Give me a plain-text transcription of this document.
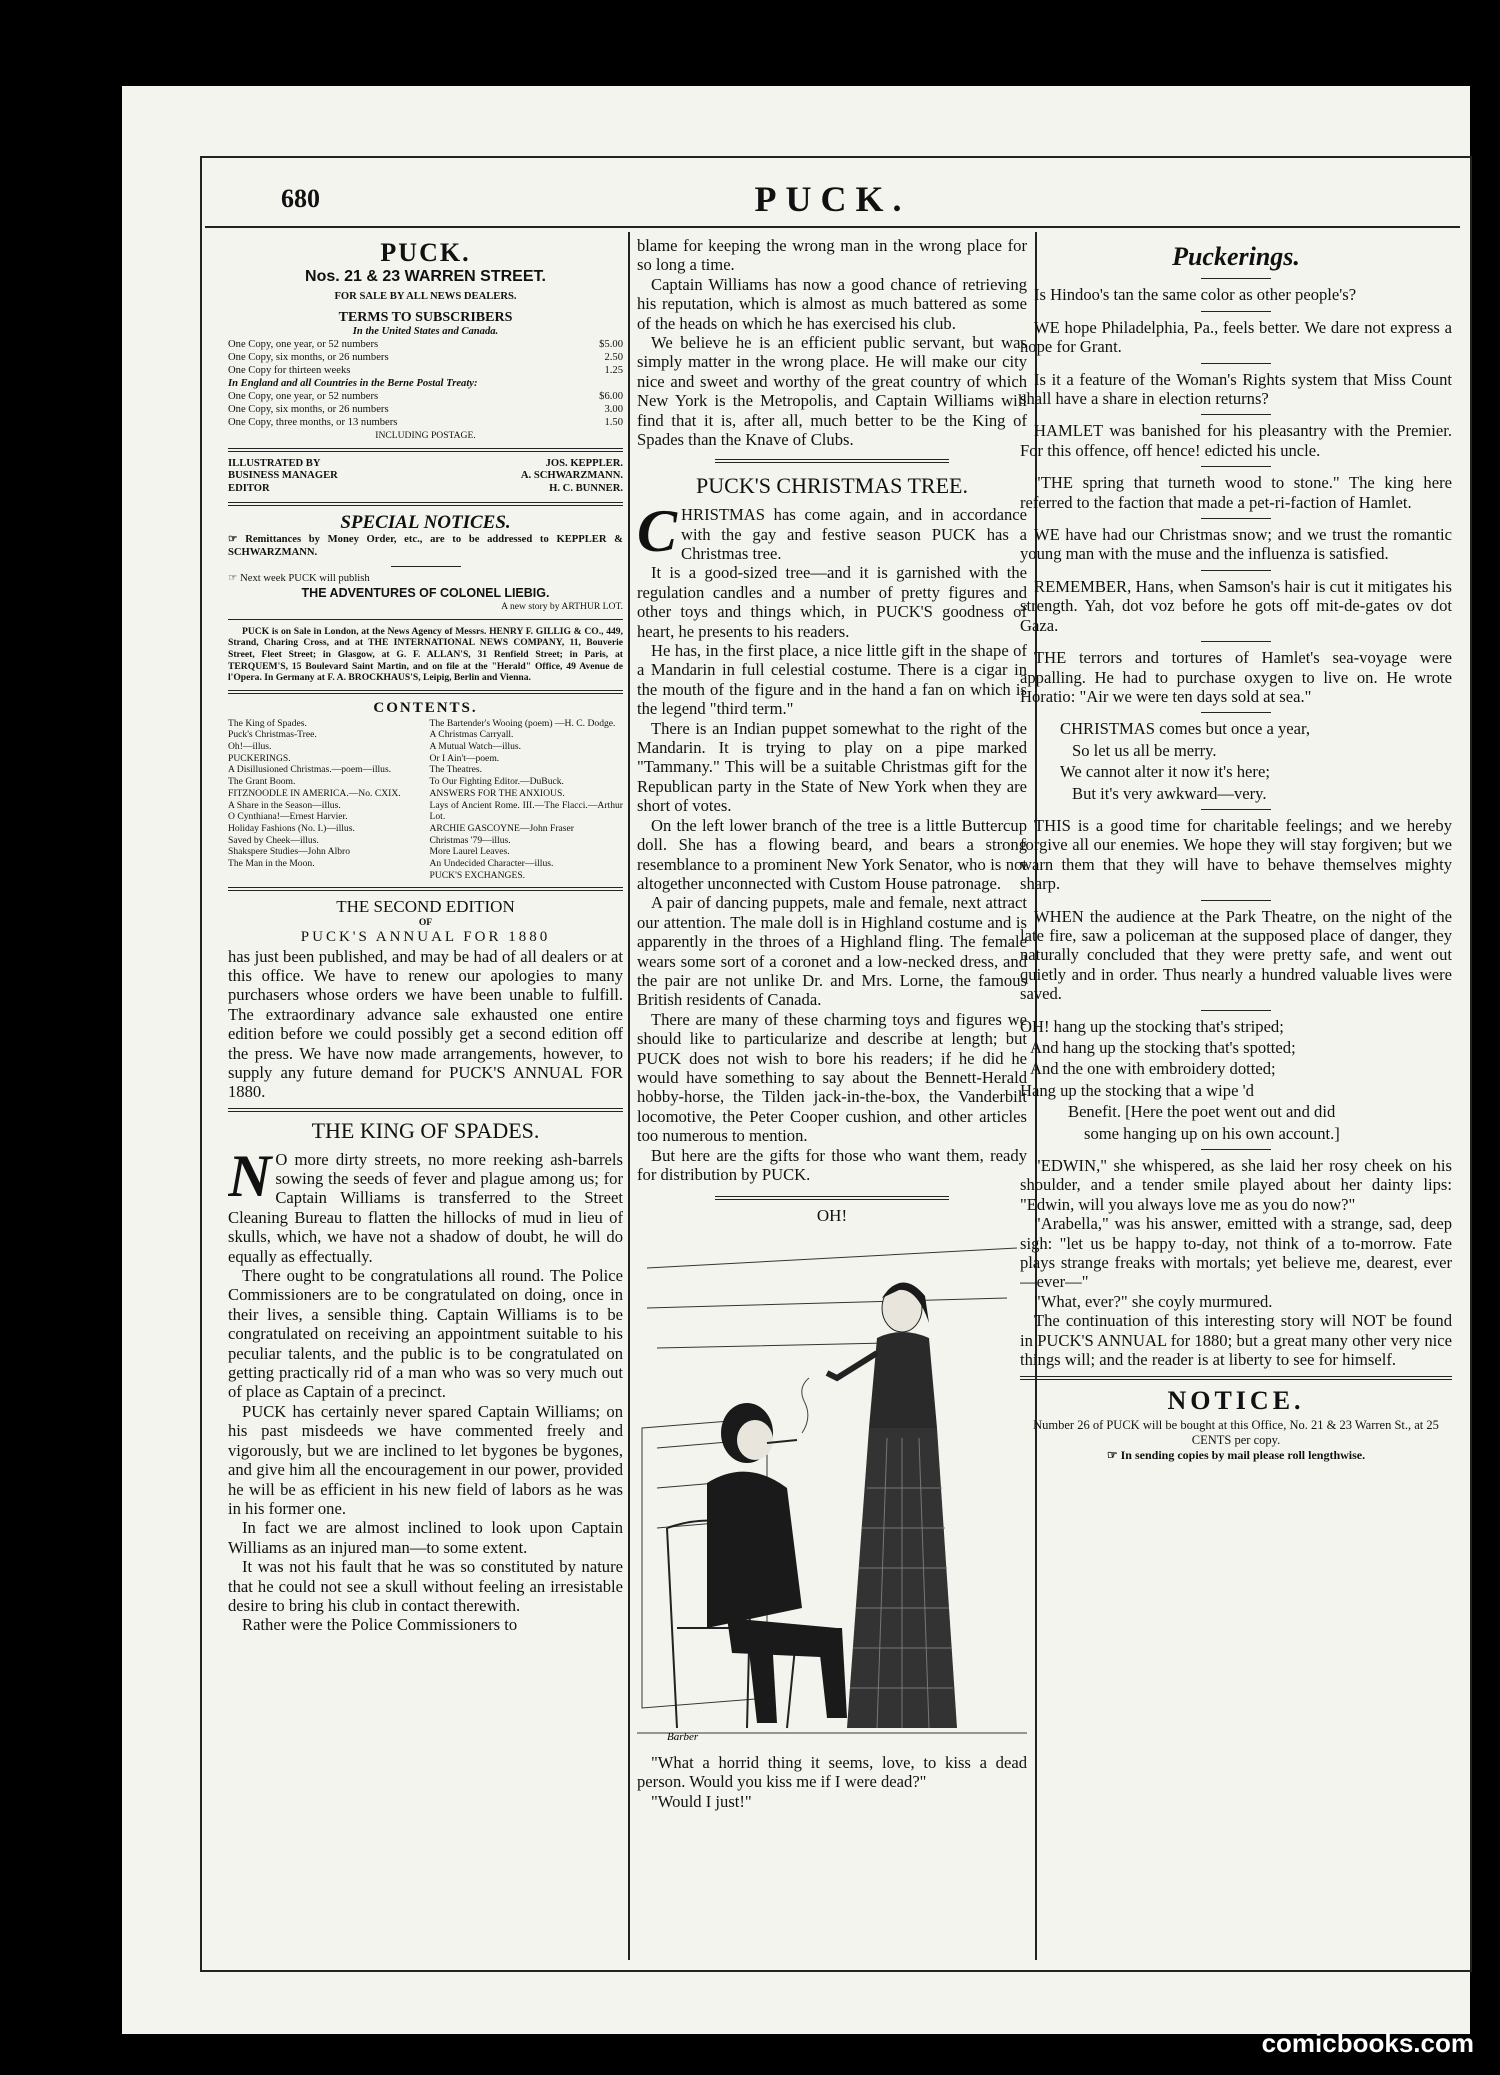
680	PUCK.
PUCK.
Nos. 21 & 23 WARREN STREET.
FOR SALE BY ALL NEWS DEALERS.
TERMS TO SUBSCRIBERS
In the United States and Canada.
One Copy, one year, or 52 numbers	$5.00
One Copy, six months, or 26 numbers	2.50
One Copy for thirteen weeks	1.25
In England and all Countries in the Berne Postal Treaty:
One Copy, one year, or 52 numbers	$6.00
One Copy, six months, or 26 numbers	3.00
One Copy, three months, or 13 numbers	1.50
INCLUDING POSTAGE.
ILLUSTRATED BY	JOS. KEPPLER.
BUSINESS MANAGER	A. SCHWARZMANN.
EDITOR	H. C. BUNNER.
SPECIAL NOTICES.

☞ Remittances by Money Order, etc., are to be addressed to KEPPLER & SCHWARZMANN.

☞ Next week PUCK will publish

THE ADVENTURES OF COLONEL LIEBIG.
A new story by ARTHUR LOT.

PUCK is on Sale in London, at the News Agency of Messrs. HENRY F. GILLIG & CO., 449, Strand, Charing Cross, and at THE INTERNATIONAL NEWS COMPANY, 11, Bouverie Street, Fleet Street; in Glasgow, at G. F. ALLAN'S, 31 Renfield Street; in Paris, at TERQUEM'S, 15 Boulevard Saint Martin, and on file at the "Herald" Office, 49 Avenue de l'Opera. In Germany at F. A. BROCKHAUS'S, Leipig, Berlin and Vienna.

CONTENTS.
The King of Spades.
Puck's Christmas-Tree.
Oh!—illus.
PUCKERINGS.
A Disillusioned Christmas.—poem—illus.
The Grant Boom.
FITZNOODLE IN AMERICA.—No. CXIX.
A Share in the Season—illus.
O Cynthiana!—Ernest Harvier.
Holiday Fashions (No. I.)—illus.
Saved by Cheek—illus.
Shakspere Studies—John Albro
The Man in the Moon.
The Bartender's Wooing (poem) —H. C. Dodge.
A Christmas Carryall.
A Mutual Watch—illus.
Or I Ain't—poem.
The Theatres.
To Our Fighting Editor.—DuBuck.
ANSWERS FOR THE ANXIOUS.
Lays of Ancient Rome. III.—The Flacci.—Arthur Lot.
ARCHIE GASCOYNE—John Fraser
Christmas '79—illus.
More Laurel Leaves.
An Undecided Character—illus.
PUCK'S EXCHANGES.
THE SECOND EDITION
OF
PUCK'S ANNUAL FOR 1880

has just been published, and may be had of all dealers or at this office. We have to renew our apologies to many purchasers whose orders we have been unable to fulfill. The extraordinary advance sale exhausted one entire edition before we could possibly get a second edition off the press. We have now made arrangements, however, to supply any future demand for PUCK'S ANNUAL FOR 1880.

THE KING OF SPADES.

N O more dirty streets, no more reeking ash-barrels sowing the seeds of fever and plague among us; for Captain Williams is transferred to the Street Cleaning Bureau to flatten the hillocks of mud in lieu of skulls, which, we have not a shadow of doubt, he will do equally as effectually.

There ought to be congratulations all round. The Police Commissioners are to be congratulated on doing, once in their lives, a sensible thing. Captain Williams is to be congratulated on receiving an appointment suitable to his peculiar talents, and the public is to be congratulated on getting practically rid of a man who was so very much out of place as Captain of a precinct.

PUCK has certainly never spared Captain Williams; on his past misdeeds we have commented freely and vigorously, but we are inclined to let bygones be bygones, and give him all the encouragement in our power, provided he will be as efficient in his new field of labors as he was in his former one.

In fact we are almost inclined to look upon Captain Williams as an injured man—to some extent.

It was not his fault that he was so constituted by nature that he could not see a skull without feeling an irresistable desire to bring his club in contact therewith.

Rather were the Police Commissioners to

blame for keeping the wrong man in the wrong place for so long a time.

Captain Williams has now a good chance of retrieving his reputation, which is almost as much battered as some of the heads on which he has exercised his club.

We believe he is an efficient public servant, but was simply matter in the wrong place. He will make our city nice and sweet and worthy of the great country of which New York is the Metropolis, and Captain Williams will find that it is, after all, much better to be the King of Spades than the Knave of Clubs.

PUCK'S CHRISTMAS TREE.

CHRISTMAS has come again, and in accordance with the gay and festive season PUCK has a Christmas tree.

It is a good-sized tree—and it is garnished with the regulation candles and a number of pretty figures and other toys and things which, in PUCK'S goodness of heart, he presents to his readers.

He has, in the first place, a nice little gift in the shape of a Mandarin in full celestial costume. There is a cigar in the mouth of the figure and in the hand a fan on which is the legend "third term."

There is an Indian puppet somewhat to the right of the Mandarin. It is trying to play on a pipe marked "Tammany." This will be a suitable Christmas gift for the Republican party in the State of New York when they are short of votes.

On the left lower branch of the tree is a little Buttercup doll. She has a flowing beard, and bears a strong resemblance to a prominent New York Senator, who is not altogether unconnected with Custom House patronage.

A pair of dancing puppets, male and female, next attract our attention. The male doll is in Highland costume and is apparently in the throes of a Highland fling. The female wears some sort of a coronet and a low-necked dress, and the pair are not unlike Dr. and Mrs. Lorne, the famous British residents of Canada.

There are many of these charming toys and figures we should like to particularize and describe at length; but PUCK does not wish to bore his readers; if he did he would have something to say about the Bennett-Herald hobby-horse, the Tilden jack-in-the-box, the Vanderbilt locomotive, the Peter Cooper cushion, and other articles too numerous to mention.

But here are the gifts for those who want them, ready for distribution by PUCK.

OH!
Barber

"What a horrid thing it seems, love, to kiss a dead person. Would you kiss me if I were dead?"

"Would I just!"

Puckerings.

Is Hindoo's tan the same color as other people's?

WE hope Philadelphia, Pa., feels better. We dare not express a hope for Grant.

Is it a feature of the Woman's Rights system that Miss Count shall have a share in election returns?

HAMLET was banished for his pleasantry with the Premier. For this offence, off hence! edicted his uncle.

"THE spring that turneth wood to stone." The king here referred to the faction that made a pet-ri-faction of Hamlet.

WE have had our Christmas snow; and we trust the romantic young man with the muse and the influenza is satisfied.

REMEMBER, Hans, when Samson's hair is cut it mitigates his strength. Yah, dot voz before he gots off mit-de-gates ov dot Gaza.

THE terrors and tortures of Hamlet's sea-voyage were appalling. He had to purchase oxygen to live on. He wrote Horatio: "Air we were ten days sold at sea."

CHRISTMAS comes but once a year,

So let us all be merry.

We cannot alter it now it's here;

But it's very awkward—very.

THIS is a good time for charitable feelings; and we hereby forgive all our enemies. We hope they will stay forgiven; but we warn them that they will have to behave themselves mighty sharp.

WHEN the audience at the Park Theatre, on the night of the late fire, saw a policeman at the supposed place of danger, they naturally concluded that they were pretty safe, and went out quietly and in order. Thus nearly a hundred valuable lives were saved.

OH! hang up the stocking that's striped;

And hang up the stocking that's spotted;

And the one with embroidery dotted;

Hang up the stocking that a wipe 'd

Benefit. [Here the poet went out and did

some hanging up on his own account.]

"EDWIN," she whispered, as she laid her rosy cheek on his shoulder, and a tender smile played about her dainty lips: "Edwin, will you always love me as you do now?"

"Arabella," was his answer, emitted with a strange, sad, deep sigh: "let us be happy to-day, not think of a to-morrow. Fate plays strange freaks with mortals; yet believe me, dearest, ever—ever—"

"What, ever?" she coyly murmured.

The continuation of this interesting story will NOT be found in PUCK'S ANNUAL for 1880; but a great many other very nice things will; and the reader is at liberty to see for himself.

NOTICE.

Number 26 of PUCK will be bought at this Office, No. 21 & 23 Warren St., at 25 CENTS per copy.

☞ In sending copies by mail please roll lengthwise.

comicbooks.com
